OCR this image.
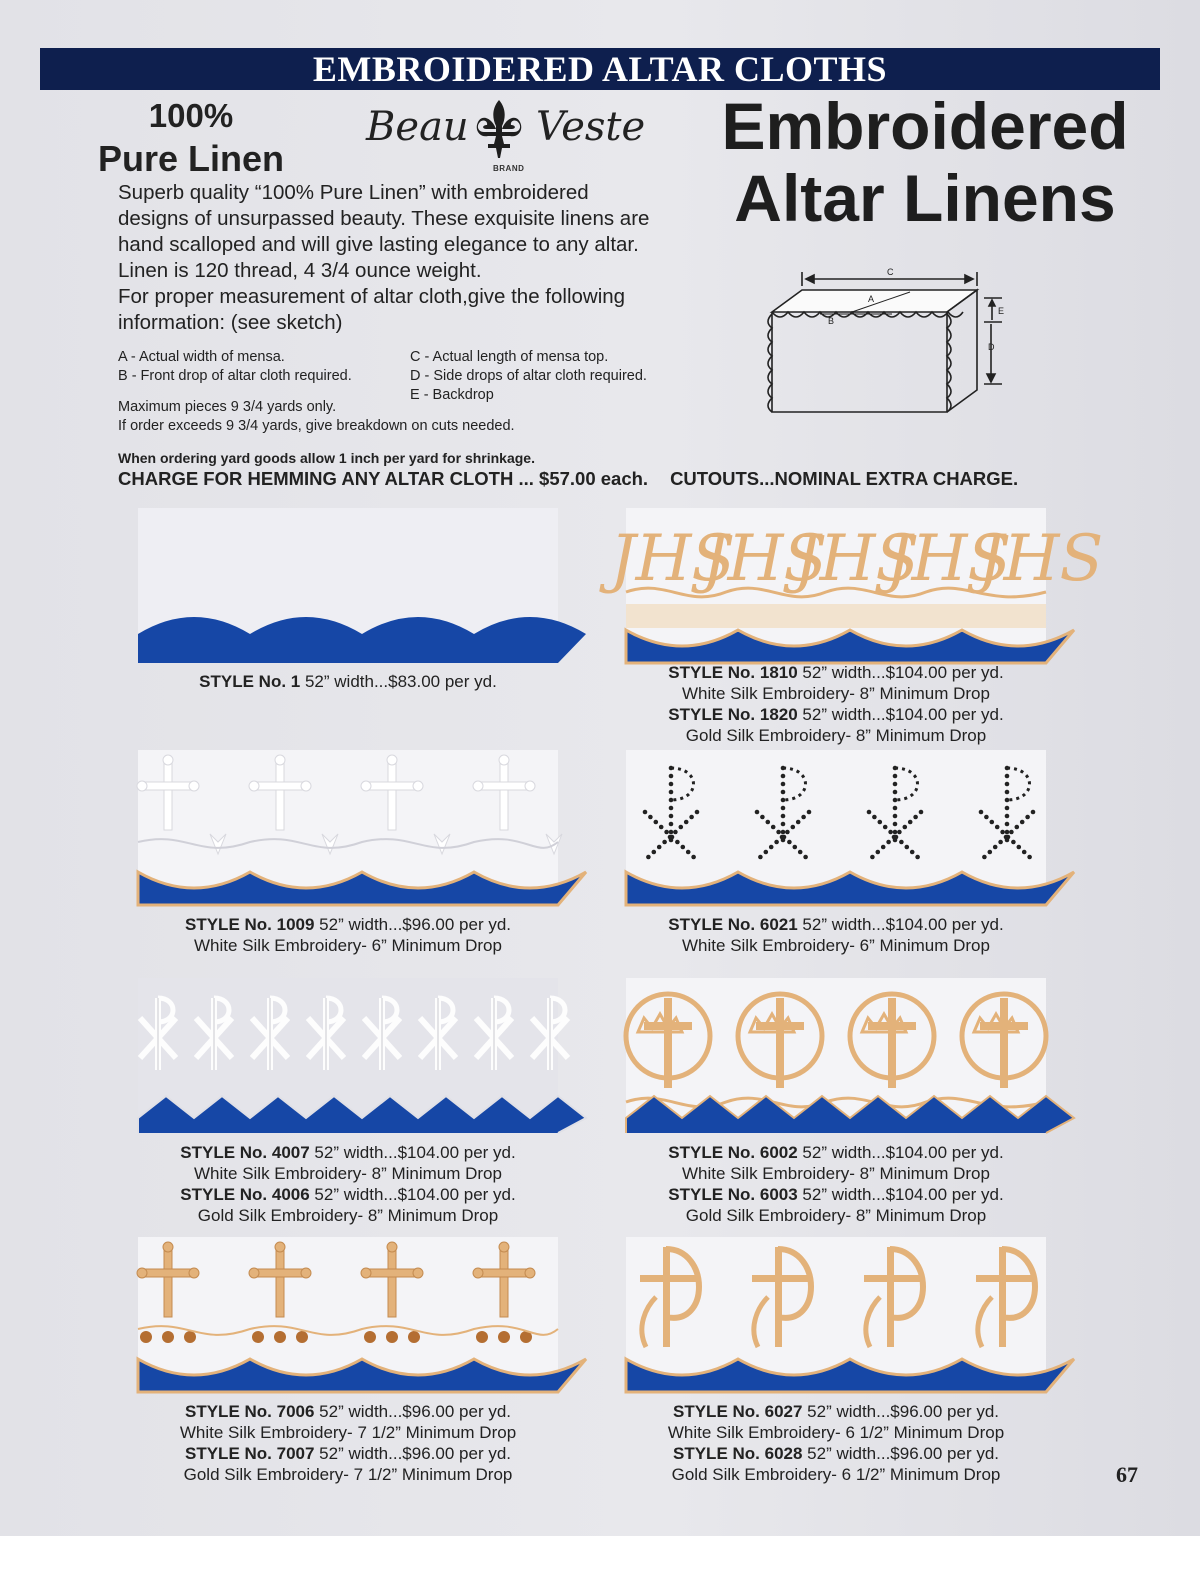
EMBROIDERED ALTAR CLOTHS
100%
Pure Linen
Beau Veste
BRAND
Embroidered
Altar Linens

Superb quality “100% Pure Linen” with embroidered

designs of unsurpassed beauty. These exquisite linens are

hand scalloped and will give lasting elegance to any altar.

Linen is 120 thread, 4 3/4 ounce weight.

For proper measurement of altar cloth,give the following

information: (see sketch)

A - Actual width of mensa.
B - Front drop of altar cloth required.
C - Actual length of mensa top.
D - Side drops of altar cloth required.
E - Backdrop
Maximum pieces 9 3/4 yards only.
If order exceeds 9 3/4 yards, give breakdown on cuts needed.
When ordering yard goods allow 1 inch per yard for shrinkage.
CHARGE FOR HEMMING ANY ALTAR CLOTH ... $57.00 each. CUTOUTS...NOMINAL EXTRA CHARGE.
C
A
B
E
D
STYLE No. 1 52” width...$83.00 per yd.
JHS
JHS
JHS
JHS
JHS
STYLE No. 1810 52” width...$104.00 per yd.
White Silk Embroidery- 8” Minimum Drop
STYLE No. 1820 52” width...$104.00 per yd.
Gold Silk Embroidery- 8” Minimum Drop
STYLE No. 1009 52” width...$96.00 per yd.
White Silk Embroidery- 6” Minimum Drop
STYLE No. 6021 52” width...$104.00 per yd.
White Silk Embroidery- 6” Minimum Drop
STYLE No. 4007 52” width...$104.00 per yd.
White Silk Embroidery- 8” Minimum Drop
STYLE No. 4006 52” width...$104.00 per yd.
Gold Silk Embroidery- 8” Minimum Drop
STYLE No. 6002 52” width...$104.00 per yd.
White Silk Embroidery- 8” Minimum Drop
STYLE No. 6003 52” width...$104.00 per yd.
Gold Silk Embroidery- 8” Minimum Drop
STYLE No. 7006 52” width...$96.00 per yd.
White Silk Embroidery- 7 1/2” Minimum Drop
STYLE No. 7007 52” width...$96.00 per yd.
Gold Silk Embroidery- 7 1/2” Minimum Drop
STYLE No. 6027 52” width...$96.00 per yd.
White Silk Embroidery- 6 1/2” Minimum Drop
STYLE No. 6028 52” width...$96.00 per yd.
Gold Silk Embroidery- 6 1/2” Minimum Drop	67
